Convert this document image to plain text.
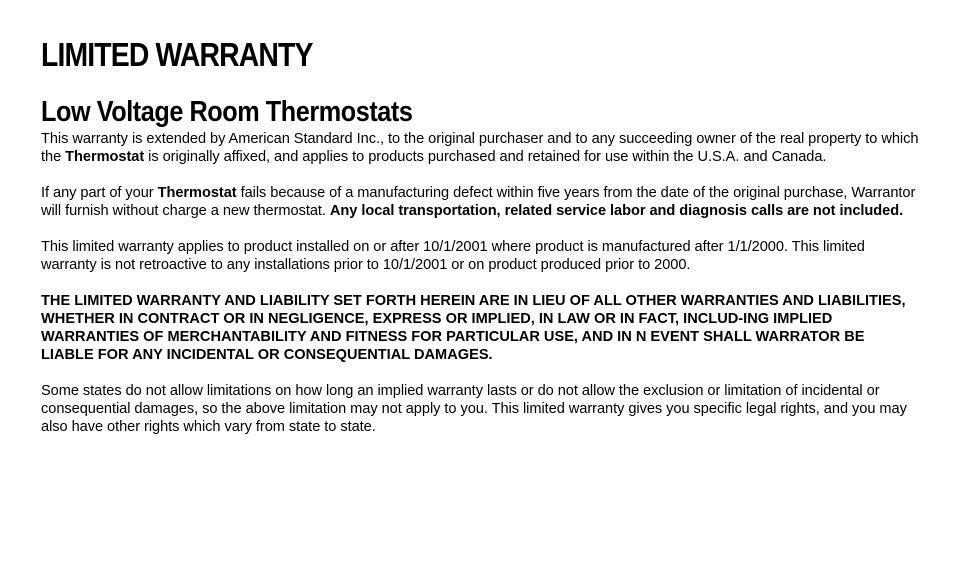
LIMITED WARRANTY
Low Voltage Room Thermostats

This warranty is extended by American Standard Inc., to the original purchaser and to any succeeding owner of the real property to which the Thermostat is originally affixed, and applies to products purchased and retained for use within the U.S.A. and Canada.

If any part of your Thermostat fails because of a manufacturing defect within five years from the date of the original purchase, Warrantor will furnish without charge a new thermostat. Any local transportation, related service labor and diagnosis calls are not included.

This limited warranty applies to product installed on or after 10/1/2001 where product is manufactured after 1/1/2000. This limited warranty is not retroactive to any installations prior to 10/1/2001 or on product produced prior to 2000.

THE LIMITED WARRANTY AND LIABILITY SET FORTH HEREIN ARE IN LIEU OF ALL OTHER WARRANTIES AND LIABILITIES, WHETHER IN CONTRACT OR IN NEGLIGENCE, EXPRESS OR IMPLIED, IN LAW OR IN FACT, INCLUD-ING IMPLIED WARRANTIES OF MERCHANTABILITY AND FITNESS FOR PARTICULAR USE, AND IN N EVENT SHALL WARRATOR BE LIABLE FOR ANY INCIDENTAL OR CONSEQUENTIAL DAMAGES.

Some states do not allow limitations on how long an implied warranty lasts or do not allow the exclusion or limitation of incidental or consequential damages, so the above limitation may not apply to you. This limited warranty gives you specific legal rights, and you may also have other rights which vary from state to state.
